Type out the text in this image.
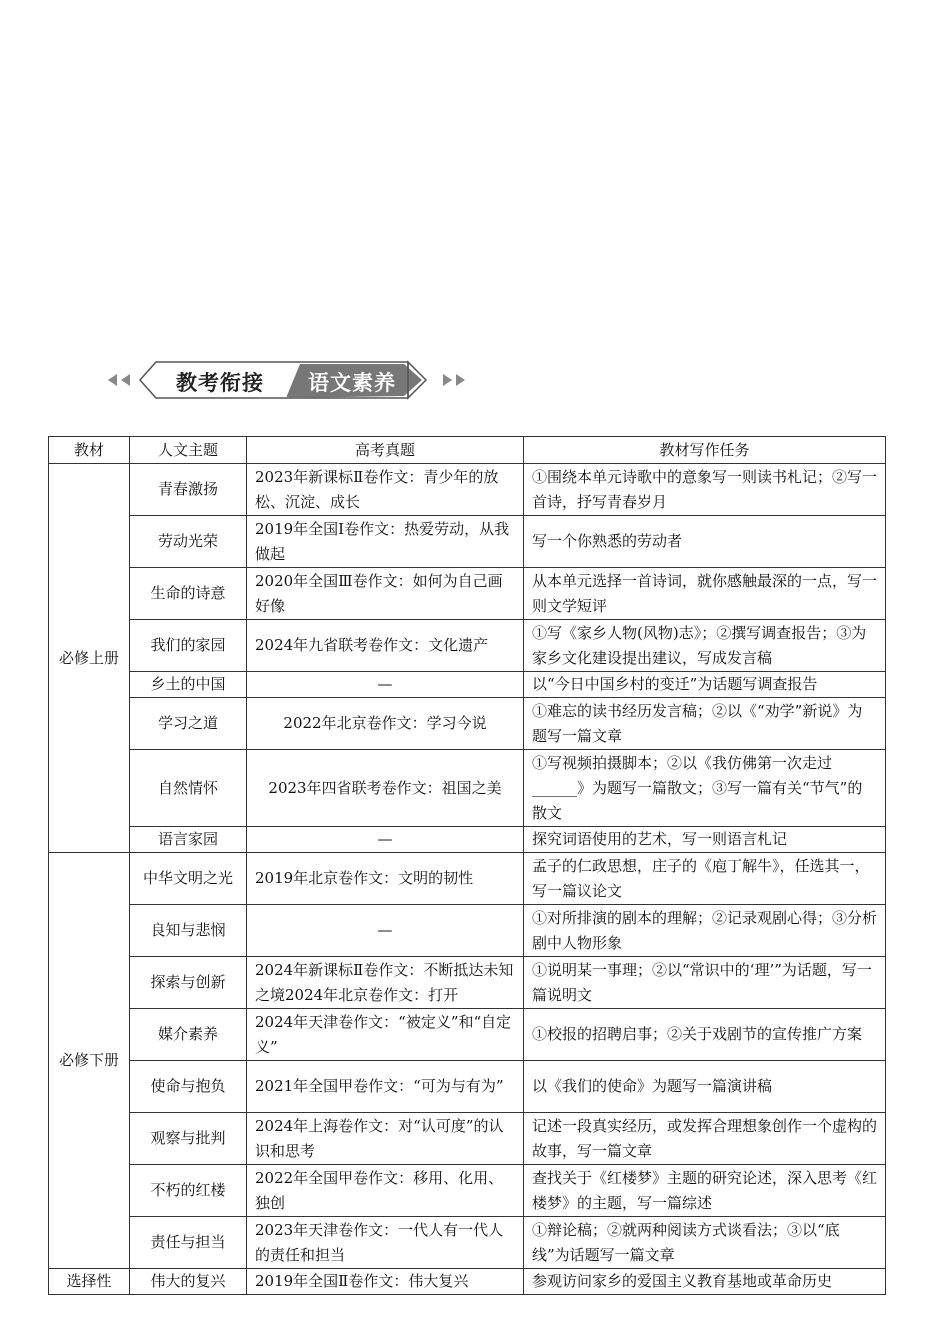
教考衔接 语文素养
教材	人文主题	高考真题	教材写作任务
必修上册	青春激扬	2023年新课标Ⅱ卷作文：青少年的放松、沉淀、成长	①围绕本单元诗歌中的意象写一则读书札记；②写一首诗，抒写青春岁月
	劳动光荣	2019年全国Ⅰ卷作文：热爱劳动，从我做起	写一个你熟悉的劳动者
	生命的诗意	2020年全国Ⅲ卷作文：如何为自己画好像	从本单元选择一首诗词，就你感触最深的一点，写一则文学短评
	我们的家园	2024年九省联考卷作文：文化遗产	①写《家乡人物(风物)志》；②撰写调查报告；③为家乡文化建设提出建议，写成发言稿
	乡土的中国	—	以“今日中国乡村的变迁”为话题写调查报告
	学习之道	2022年北京卷作文：学习今说	①难忘的读书经历发言稿；②以《“劝学”新说》为题写一篇文章
	自然情怀	2023年四省联考卷作文：祖国之美	①写视频拍摄脚本；②以《我仿佛第一次走过______》为题写一篇散文；③写一篇有关“节气”的散文
	语言家园	—	探究词语使用的艺术，写一则语言札记
必修下册	中华文明之光	2019年北京卷作文：文明的韧性	孟子的仁政思想，庄子的《庖丁解牛》，任选其一，写一篇议论文
	良知与悲悯	—	①对所排演的剧本的理解；②记录观剧心得；③分析剧中人物形象
	探索与创新	2024年新课标Ⅱ卷作文：不断抵达未知之境2024年北京卷作文：打开	①说明某一事理；②以“常识中的‘理’”为话题，写一篇说明文
	媒介素养	2024年天津卷作文：“被定义”和“自定义”	①校报的招聘启事；②关于戏剧节的宣传推广方案
	使命与抱负	2021年全国甲卷作文：“可为与有为”	以《我们的使命》为题写一篇演讲稿
	观察与批判	2024年上海卷作文：对“认可度”的认识和思考	记述一段真实经历，或发挥合理想象创作一个虚构的故事，写一篇文章
	不朽的红楼	2022年全国甲卷作文：移用、化用、独创	查找关于《红楼梦》主题的研究论述，深入思考《红楼梦》的主题，写一篇综述
	责任与担当	2023年天津卷作文：一代人有一代人的责任和担当	①辩论稿；②就两种阅读方式谈看法；③以“底线”为话题写一篇文章
选择性	伟大的复兴	2019年全国Ⅱ卷作文：伟大复兴	参观访问家乡的爱国主义教育基地或革命历史
